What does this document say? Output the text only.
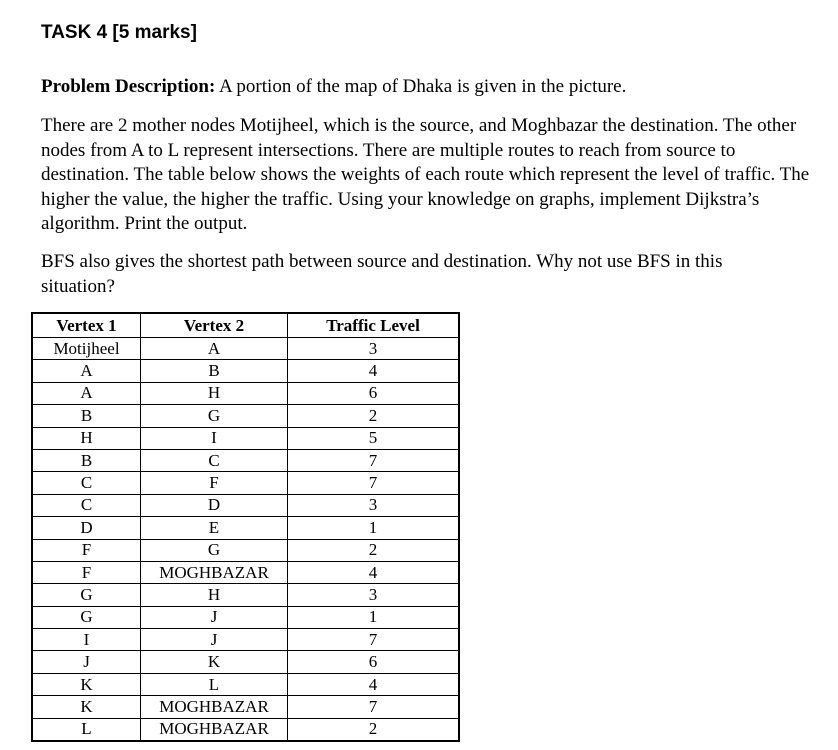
TASK 4 [5 marks]

Problem Description: A portion of the map of Dhaka is given in the picture.

There are 2 mother nodes Motijheel, which is the source, and Moghbazar the destination. The other nodes from A to L represent intersections. There are multiple routes to reach from source to destination. The table below shows the weights of each route which represent the level of traffic. The higher the value, the higher the traffic. Using your knowledge on graphs, implement Dijkstra’s algorithm. Print the output.

BFS also gives the shortest path between source and destination. Why not use BFS in this situation?

Vertex 1	Vertex 2	Traffic Level
Motijheel	A	3
A	B	4
A	H	6
B	G	2
H	I	5
B	C	7
C	F	7
C	D	3
D	E	1
F	G	2
F	MOGHBAZAR	4
G	H	3
G	J	1
I	J	7
J	K	6
K	L	4
K	MOGHBAZAR	7
L	MOGHBAZAR	2
